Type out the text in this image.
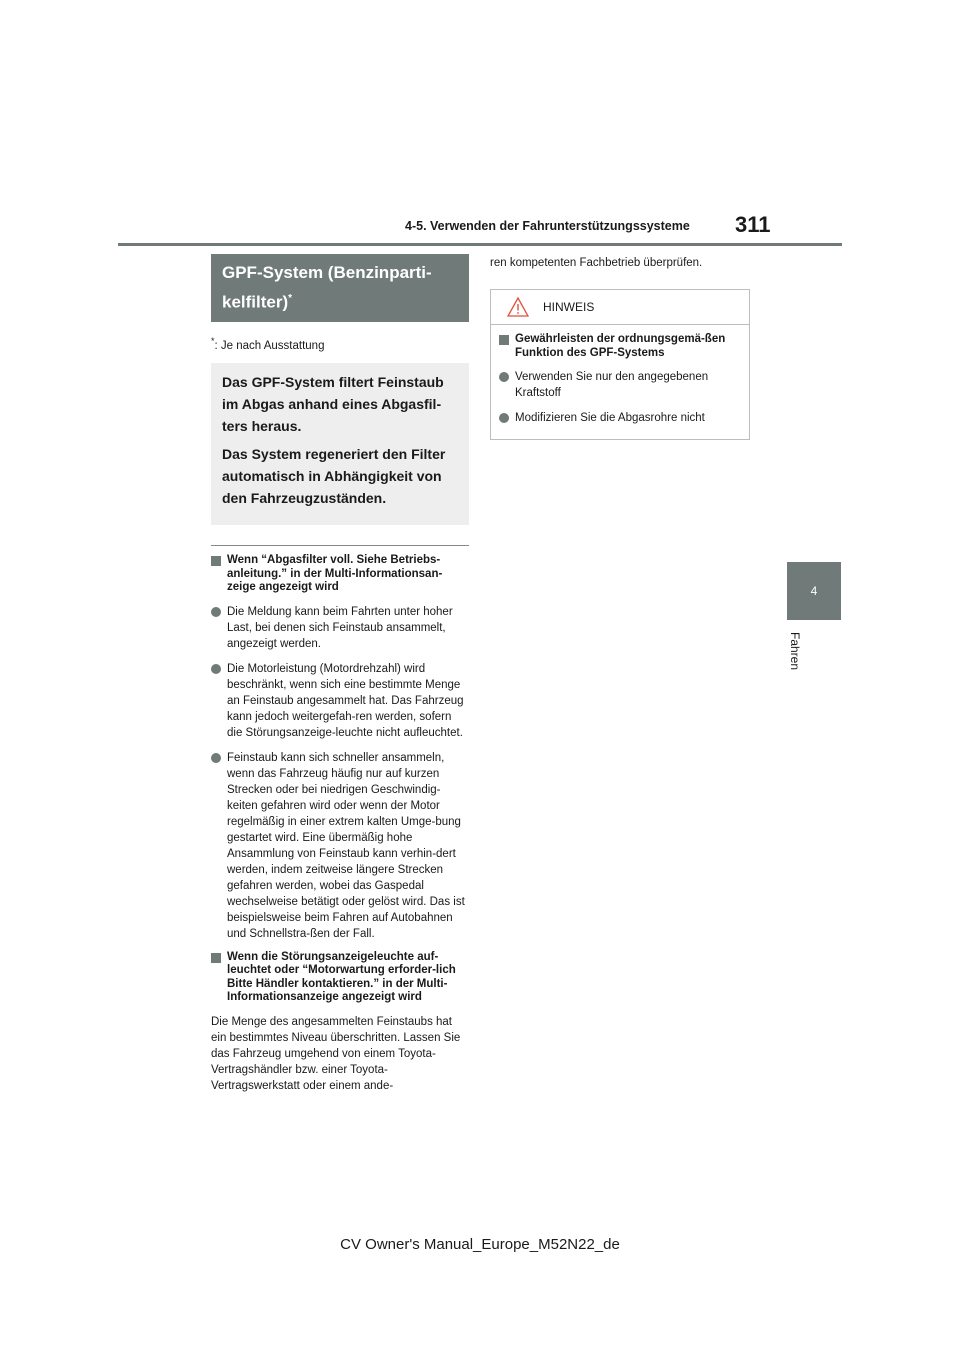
311
4-5. Verwenden der Fahrunterstützungssysteme
4
Fahren
GPF-System (Benzinparti-kelfilter)*
*: Je nach Ausstattung

Das GPF-System filtert Feinstaub im Abgas anhand eines Abgasfil-ters heraus.

Das System regeneriert den Filter automatisch in Abhängigkeit von den Fahrzeugzuständen.

Wenn “Abgasfilter voll. Siehe Betriebs-anleitung.” in der Multi-Informationsan-zeige angezeigt wird
Die Meldung kann beim Fahrten unter hoher Last, bei denen sich Feinstaub ansammelt, angezeigt werden.
Die Motorleistung (Motordrehzahl) wird beschränkt, wenn sich eine bestimmte Menge an Feinstaub angesammelt hat. Das Fahrzeug kann jedoch weitergefah-ren werden, sofern die Störungsanzeige-leuchte nicht aufleuchtet.
Feinstaub kann sich schneller ansammeln, wenn das Fahrzeug häufig nur auf kurzen Strecken oder bei niedrigen Geschwindig-keiten gefahren wird oder wenn der Motor regelmäßig in einer extrem kalten Umge-bung gestartet wird. Eine übermäßig hohe Ansammlung von Feinstaub kann verhin-dert werden, indem zeitweise längere Strecken gefahren werden, wobei das Gaspedal wechselweise betätigt oder gelöst wird. Das ist beispielsweise beim Fahren auf Autobahnen und Schnellstra-ßen der Fall.
Wenn die Störungsanzeigeleuchte auf-leuchtet oder “Motorwartung erforder-lich Bitte Händler kontaktieren.” in der Multi-Informationsanzeige angezeigt wird

Die Menge des angesammelten Feinstaubs hat ein bestimmtes Niveau überschritten. Lassen Sie das Fahrzeug umgehend von einem Toyota-Vertragshändler bzw. einer Toyota-Vertragswerkstatt oder einem ande-

ren kompetenten Fachbetrieb überprüfen.

HINWEIS
Gewährleisten der ordnungsgemä-ßen Funktion des GPF-Systems
Verwenden Sie nur den angegebenen Kraftstoff
Modifizieren Sie die Abgasrohre nicht
CV Owner's Manual_Europe_M52N22_de
